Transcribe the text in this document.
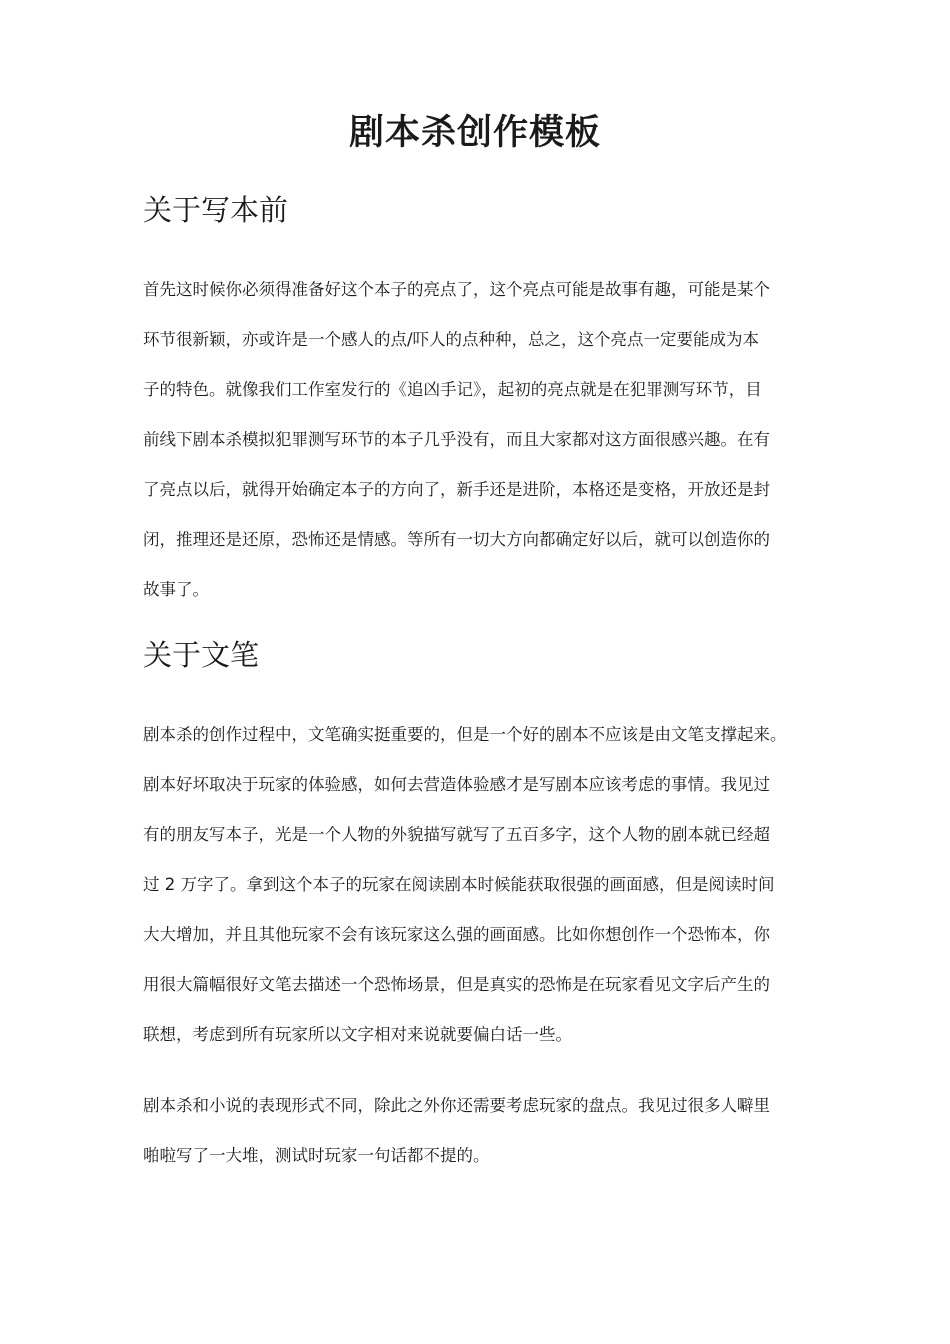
剧本杀创作模板
关于写本前
首先这时候你必须得准备好这个本子的亮点了，这个亮点可能是故事有趣，可能是某个
环节很新颖，亦或许是一个感人的点/吓人的点种种，总之，这个亮点一定要能成为本
子的特色。就像我们工作室发行的《追凶手记》，起初的亮点就是在犯罪测写环节，目
前线下剧本杀模拟犯罪测写环节的本子几乎没有，而且大家都对这方面很感兴趣。在有
了亮点以后，就得开始确定本子的方向了，新手还是进阶，本格还是变格，开放还是封
闭，推理还是还原，恐怖还是情感。等所有一切大方向都确定好以后，就可以创造你的
故事了。
关于文笔
剧本杀的创作过程中，文笔确实挺重要的，但是一个好的剧本不应该是由文笔支撑起来。
剧本好坏取决于玩家的体验感，如何去营造体验感才是写剧本应该考虑的事情。我见过
有的朋友写本子，光是一个人物的外貌描写就写了五百多字，这个人物的剧本就已经超
过 2 万字了。拿到这个本子的玩家在阅读剧本时候能获取很强的画面感，但是阅读时间
大大增加，并且其他玩家不会有该玩家这么强的画面感。比如你想创作一个恐怖本，你
用很大篇幅很好文笔去描述一个恐怖场景，但是真实的恐怖是在玩家看见文字后产生的
联想，考虑到所有玩家所以文字相对来说就要偏白话一些。
剧本杀和小说的表现形式不同，除此之外你还需要考虑玩家的盘点。我见过很多人噼里
啪啦写了一大堆，测试时玩家一句话都不提的。
